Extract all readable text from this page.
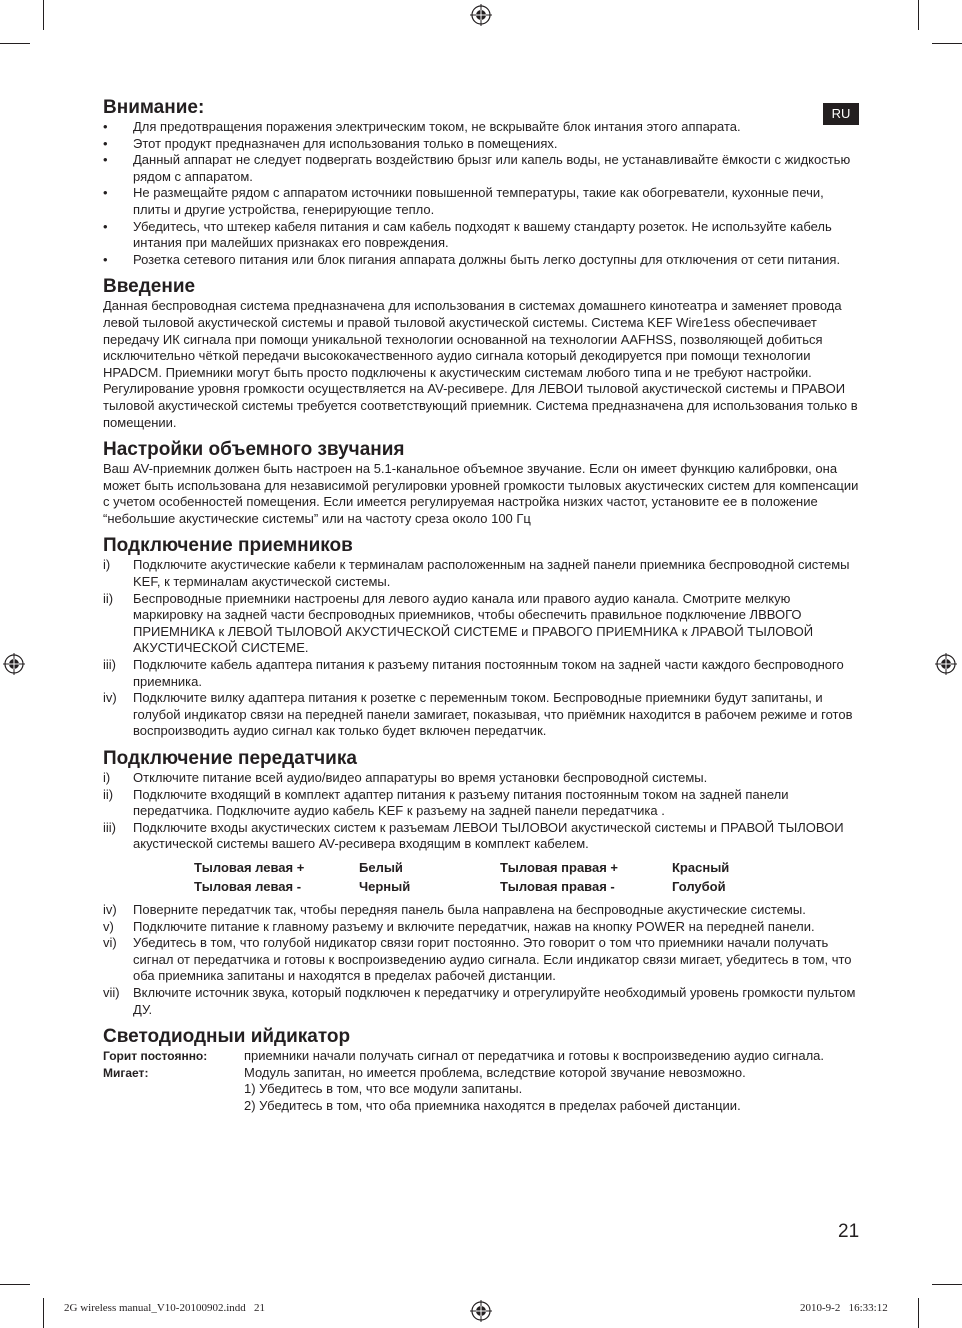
RU
Внимание:
•	Для предотвращения поражения электрическим током, не вскрывайте блок интания этого аппарата.
•	Этот продукт предназначен для использования только в помещениях.
•	Данный аппарат не следует подвергать воздействию брызг или капель воды, не устанавливайте ёмкости с жидкостью рядом с аппаратом.
•	Не размещайте рядом с аппаратом источники повышенной температуры, такие как обогреватели, кухонные печи, плиты и другие устройства, генерирующие тепло.
•	Убедитесь, что штекер кабеля питания и сам кабель подходят к вашему стандарту розеток. Не используйте кабель интания при малейших признаках его повреждения.
•	Розетка сетевого питания или блок пигания аппарата должны быть легко доступны для отключения от сети питания.
Введение

Данная беспроводная система предназначена для использования в системах домашнего кинотеатра и заменяет провода левой тыловой акустической системы и правой тыловой акустической системы. Система KEF Wire1ess обеспечивает передачу ИК сигнала при помощи уникальной технологии основанной на технологии AAFHSS, позволяющей добиться исключительно чёткой передачи высококачественного аудио сигнала который декодируется при помощи технологии HPADCM. Приемники могут быть просто подключены к акустическим системам любого типа и не требуют настройки. Регулирование уровня громкости осуществляется на AV-ресивере. Для ЛЕВОИ тыловой акустической системы и ПРАВОИ тыловой акустической системы требуется соответствующий приемник. Система предназначена для использования только в помещении.

Настройки объемного звучания

Ваш AV-приемник должен быть настроен на 5.1-канальное объемное звучание. Если он имеет функцию калибровки, она может быть использована для независимой регулировки уровней громкости тыловых акустических систем для компенсации с учетом особенностей помещения. Если имеется регулируемая настройка низких частот, установите ее в положение “небольшие акустические системы” или на частоту среза около 100 Гц

Подключение приемников
i)	Подключите акустические кабели к терминалам расположенным на задней панели приемника беспроводной системы KEF, к терминалам акустической системы.
ii)	Беспроводные приемники настроены для левого аудио канала или правого аудио канала. Смотрите мелкую маркировку на задней части беспроводных приемников, чтобы обеспечить правильное подключение ЛВВОГО ПРИЕМНИКА к ЛЕВОЙ ТЫЛОВОЙ АКУСТИЧЕСКОЙ СИСТЕМЕ и ПРАВОГО ПРИЕМНИКА к ЛРАВОЙ ТЫЛОВОЙ АКУСТИЧЕСКОЙ СИСТЕМЕ.
iii)	Подключите кабель адаптера питания к разъему питания постоянным током на задней части каждого беспроводного приемника.
iv)	Подключите вилку адаптера питания к розетке с переменным током. Беспроводные приемники будут запитаны, и голубой индикатор связи на передней панели замигает, показывая, что приёмник находится в рабочем режиме и готов воспроизводить аудио сигнал как только будет включен передатчик.
Подключение передатчика
i)	Отключите питание всей аудио/видео аппаратуры во время установки беспроводной системы.
ii)	Подключите входящий в комплект адаптер питания к разъему питания постоянным током на задней панели передатчика. Подключите аудио кабель KEF к разъему на задней панели передатчика .
iii)	Подключите входы акустических систем к разъемам ЛЕВОИ ТЫЛОВОИ акустической системы и ПРАВОЙ ТЫЛОВОИ акустической системы вашего AV-ресивера входящим в комплект кабелем.
Тыловая левая +	Белый	Тыловая правая +	Красный
Тыловая левая -	Черный	Тыловая правая -	Голубой
iv)	Поверните передатчик так, чтобы передняя панель была направлена на беспроводные акустические системы.
v)	Подключите питание к главному разъему и включите передатчик, нажав на кнопку POWER на передней панели.
vi)	Убедитесь в том, что голубой нидикатор связи горит постоянно. Это говорит о том что приемники начали получать сигнал от передатчика и готовы к воспроизведению аудио сигнала. Если индикатор связи мигает, убедитесь в том, что оба приемника запитаны и находятся в пределах рабочей дистанции.
vii)	Включите источник звука, который подключен к передатчику и отрегулируйте необходимый уровень громкости пультом ДУ.
Светодиодныи ийдикатор
Горит постоянно:	приемники начали получать сигнал от передатчика и готовы к воспроизведению аудио сигнала.
Мигает:	Модуль запитан, но имеется проблема, вследствие которой звучание невозможно.
1) Убедитесь в том, что все модули запитаны.
2) Убедитесь в том, что оба приемника находятся в пределах рабочей дистанции.
21
2G wireless manual_V10-20100902.indd   21	2010-9-2   16:33:12
